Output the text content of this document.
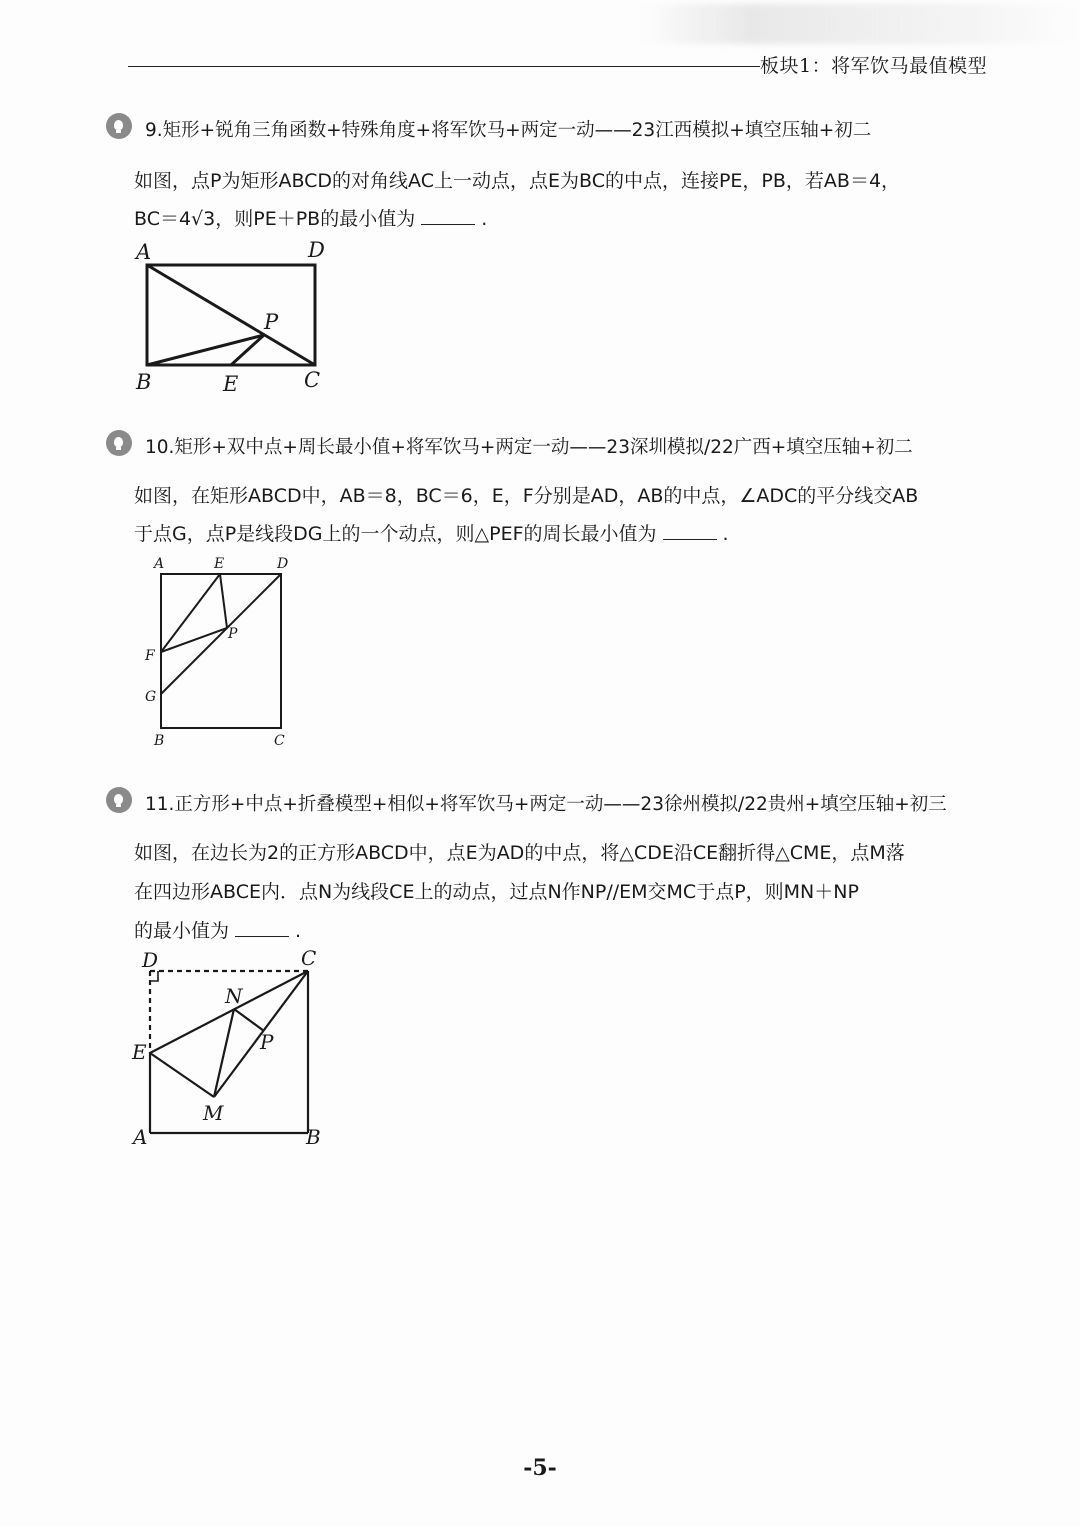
板块1：将军饮马最值模型
9.矩形+锐角三角函数+特殊角度+将军饮马+两定一动——23江西模拟+填空压轴+初二
如图，点P为矩形ABCD的对角线AC上一动点，点E为BC的中点，连接PE，PB，若AB＝4，
BC＝4√3，则PE＋PB的最小值为	.
A	D
P
B	E	C
10.矩形+双中点+周长最小值+将军饮马+两定一动——23深圳模拟/22广西+填空压轴+初二
如图，在矩形ABCD中，AB＝8，BC＝6，E，F分别是AD，AB的中点，∠ADC的平分线交AB
于点G，点P是线段DG上的一个动点，则△PEF的周长最小值为	.
A	E	D
P
F
G
B	C
11.正方形+中点+折叠模型+相似+将军饮马+两定一动——23徐州模拟/22贵州+填空压轴+初三
如图，在边长为2的正方形ABCD中，点E为AD的中点，将△CDE沿CE翻折得△CME，点M落
在四边形ABCE内．点N为线段CE上的动点，过点N作NP//EM交MC于点P，则MN＋NP
的最小值为	.
D	C
N
P
E
M
A	B
-5-
